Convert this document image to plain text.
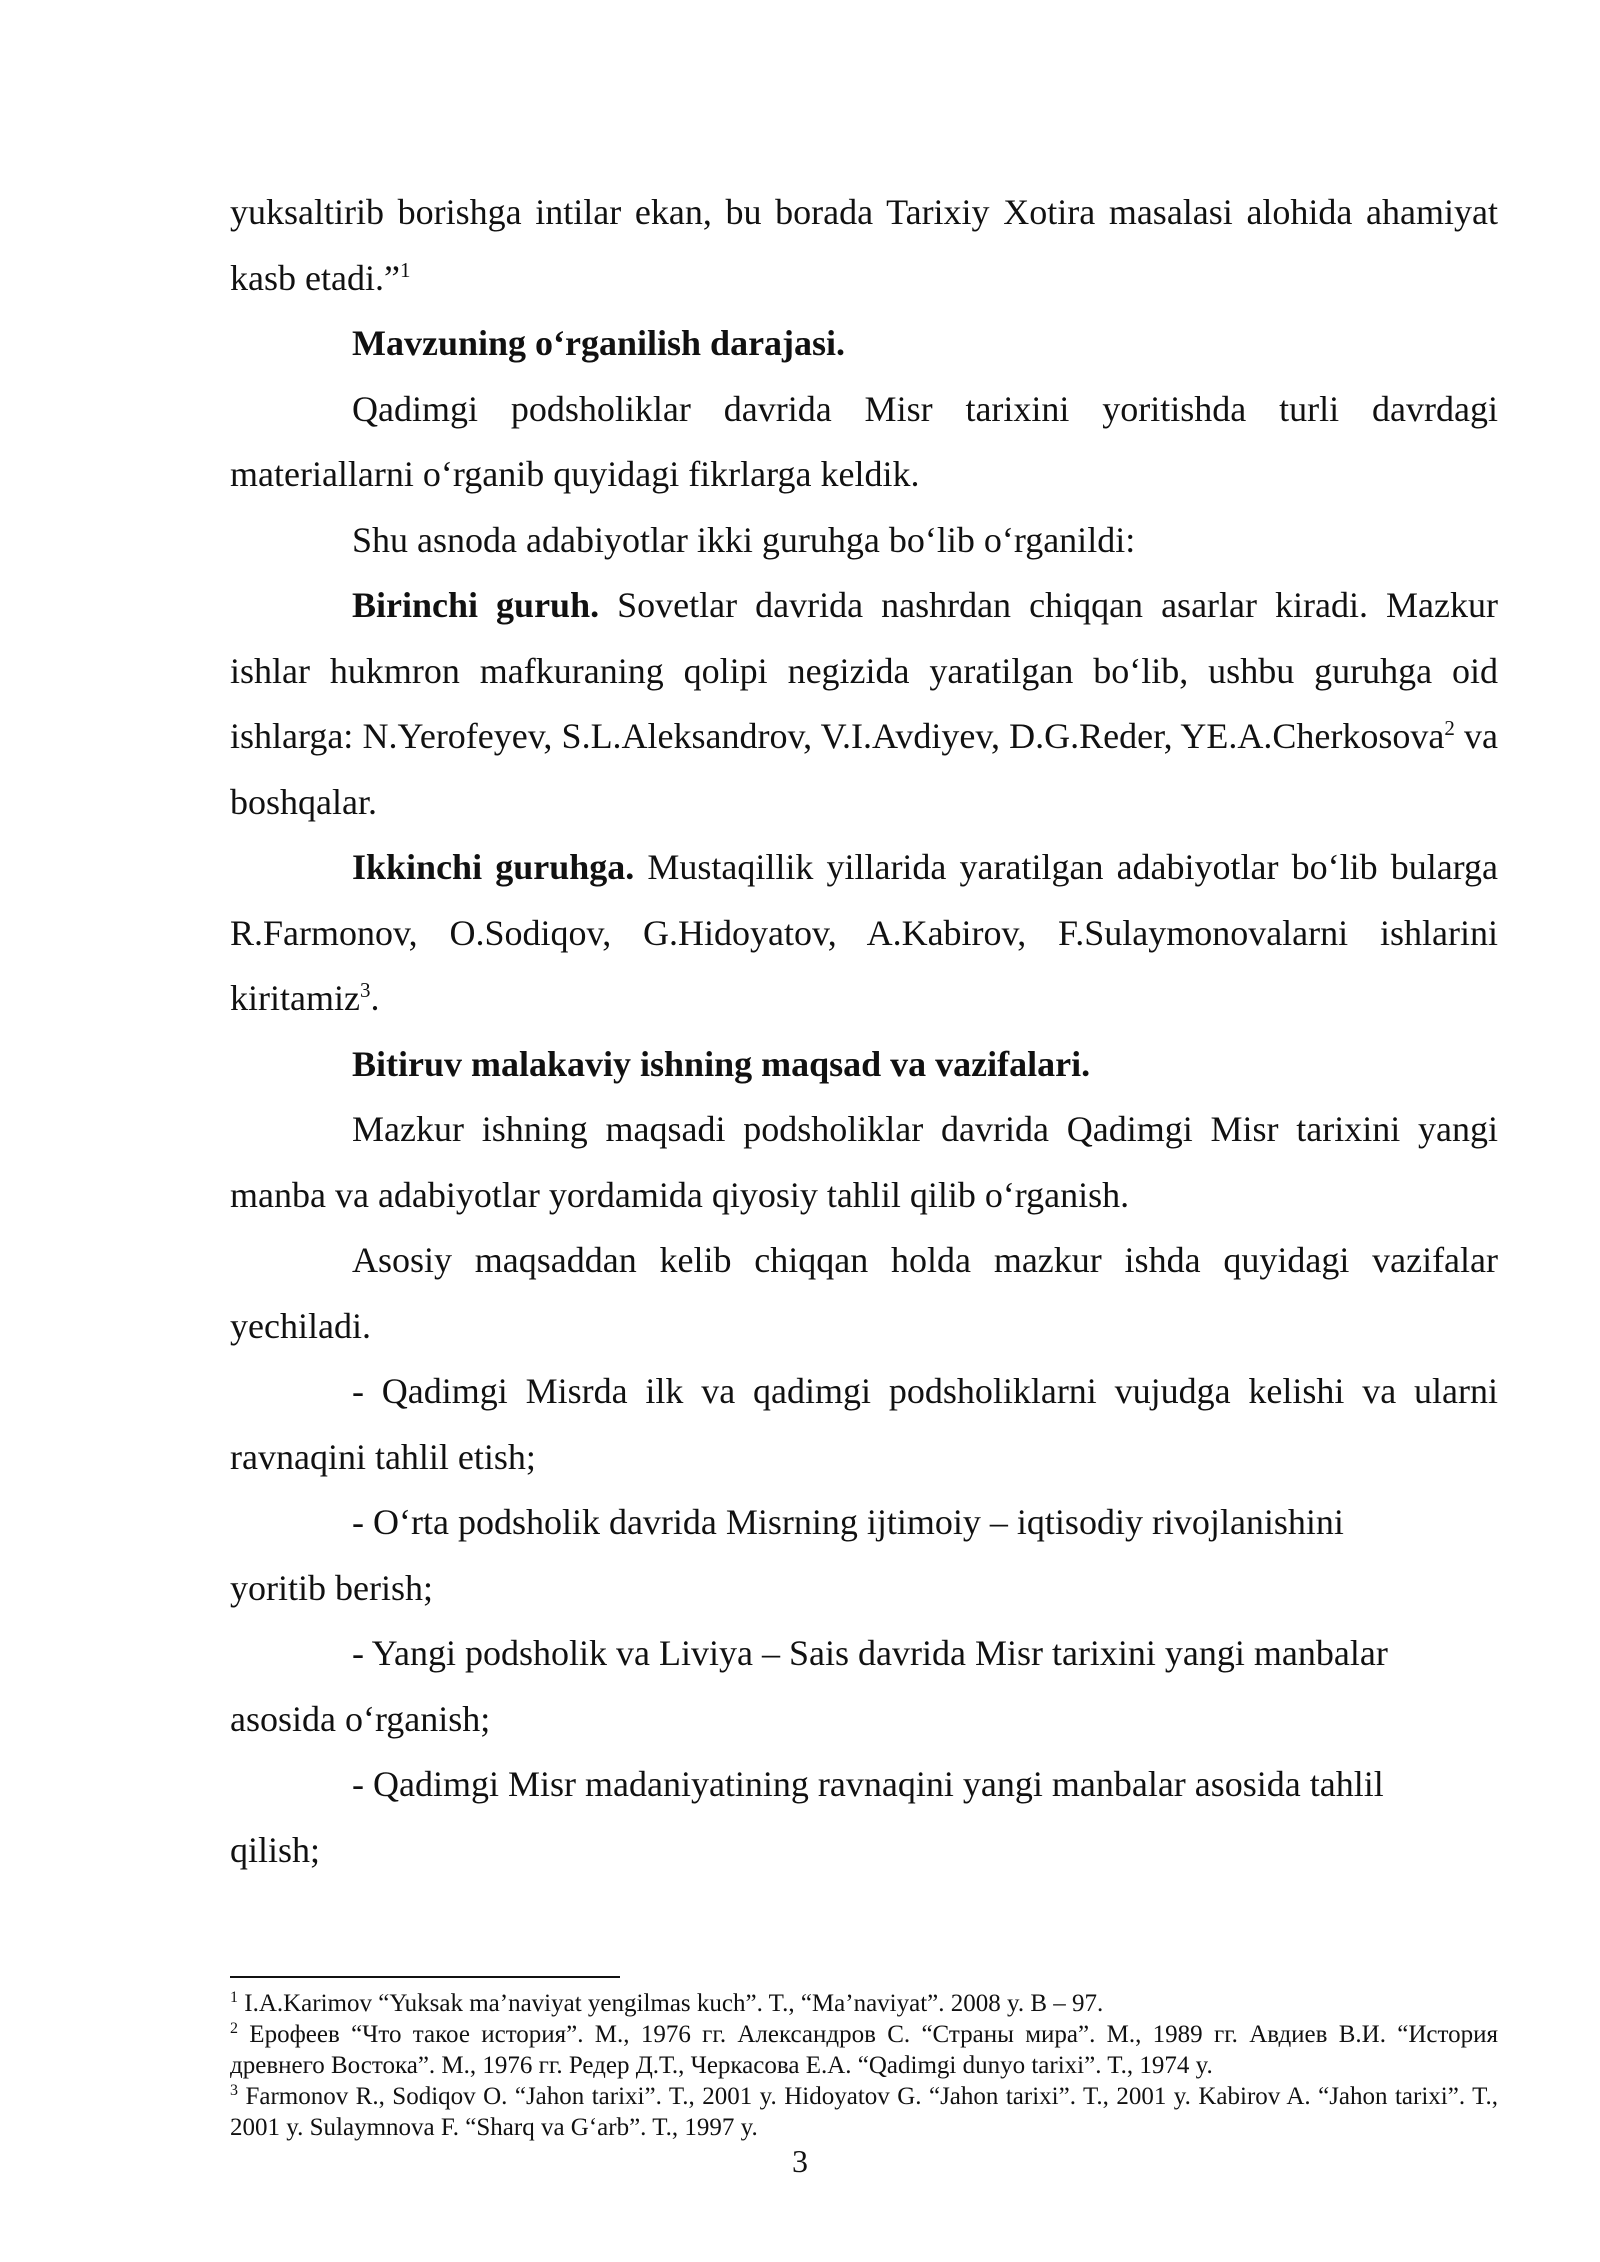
yuksaltirib borishga intilar ekan, bu borada Tarixiy Xotira masalasi alohida ahamiyat kasb etadi.”$^1$

Mavzuning o‘rganilish darajasi.

Qadimgi podsholiklar davrida Misr tarixini yoritishda turli davrdagi materiallarni o‘rganib quyidagi fikrlarga keldik.

Shu asnoda adabiyotlar ikki guruhga bo‘lib o‘rganildi:

Birinchi guruh. Sovetlar davrida nashrdan chiqqan asarlar kiradi. Mazkur ishlar hukmron mafkuraning qolipi negizida yaratilgan bo‘lib, ushbu guruhga oid ishlarga: N.Yerofeyev, S.L.Aleksandrov, V.I.Avdiyev, D.G.Reder, YE.A.Cherkosova$^2$ va boshqalar.

Ikkinchi guruhga. Mustaqillik yillarida yaratilgan adabiyotlar bo‘lib bularga R.Farmonov, O.Sodiqov, G.Hidoyatov, A.Kabirov, F.Sulaymonovalarni ishlarini kiritamiz$^3$.

Bitiruv malakaviy ishning maqsad va vazifalari.

Mazkur ishning maqsadi podsholiklar davrida Qadimgi Misr tarixini yangi manba va adabiyotlar yordamida qiyosiy tahlil qilib o‘rganish.

Asosiy maqsaddan kelib chiqqan holda mazkur ishda quyidagi vazifalar yechiladi.

- Qadimgi Misrda ilk va qadimgi podsholiklarni vujudga kelishi va ularni ravnaqini tahlil etish;

- O‘rta podsholik davrida Misrning ijtimoiy – iqtisodiy rivojlanishini

yoritib berish;

- Yangi podsholik va Liviya – Sais davrida Misr tarixini yangi manbalar

asosida o‘rganish;

- Qadimgi Misr madaniyatining ravnaqini yangi manbalar asosida tahlil

qilish;

$^1$ I.A.Karimov “Yuksak ma’naviyat yengilmas kuch”. T., “Ma’naviyat”. 2008 y. B – 97.

$^2$ Ерофеев “Что такое история”. М., 1976 гг. Александров С. “Страны мира”. М., 1989 гг. Авдиев В.И. “История древнего Востока”. М., 1976 гг. Редер Д.Т., Черкасова Е.А. “Qadimgi dunyo tarixi”. T., 1974 y.

$^3$ Farmonov R., Sodiqov O. “Jahon tarixi”. T., 2001 y. Hidoyatov G. “Jahon tarixi”. T., 2001 y. Kabirov A. “Jahon tarixi”. T., 2001 y. Sulaymnova F. “Sharq va G‘arb”. T., 1997 y.

3
